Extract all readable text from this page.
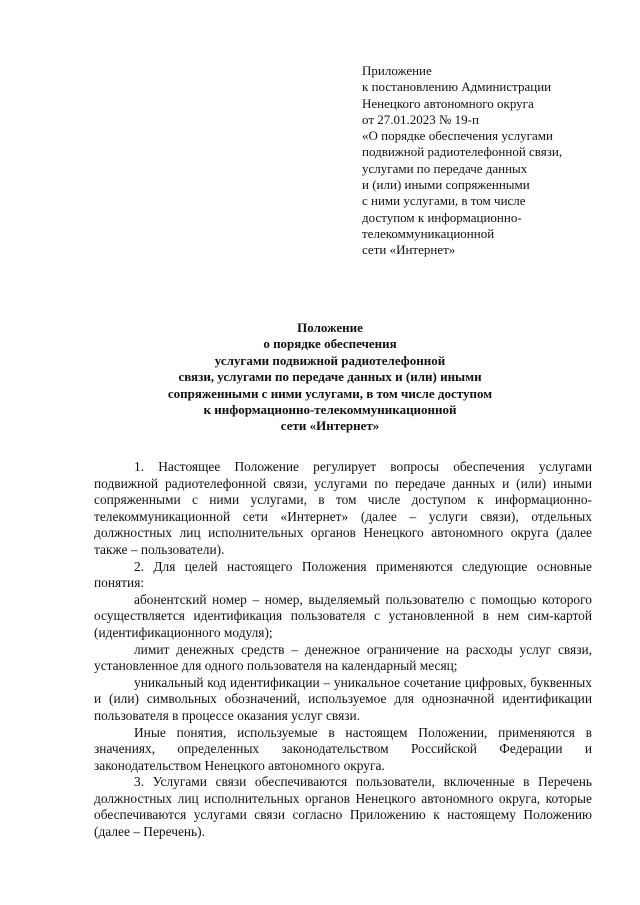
Приложение
к постановлению Администрации
Ненецкого автономного округа
от 27.01.2023 № 19-п
«О порядке обеспечения услугами
подвижной радиотелефонной связи,
услугами по передаче данных
и (или) иными сопряженными
с ними услугами, в том числе
доступом к информационно-
телекоммуникационной
сети «Интернет»
Положение
о порядке обеспечения
услугами подвижной радиотелефонной
связи, услугами по передаче данных и (или) иными
сопряженными с ними услугами, в том числе доступом
к информационно-телекоммуникационной
сети «Интернет»

1. Настоящее Положение регулирует вопросы обеспечения услугами подвижной радиотелефонной связи, услугами по передаче данных и (или) иными сопряженными с ними услугами, в том числе доступом к информационно-телекоммуникационной сети «Интернет» (далее – услуги связи), отдельных должностных лиц исполнительных органов Ненецкого автономного округа (далее также – пользователи).

2. Для целей настоящего Положения применяются следующие основные понятия:

абонентский номер – номер, выделяемый пользователю с помощью которого осуществляется идентификация пользователя с установленной в нем сим-картой (идентификационного модуля);

лимит денежных средств – денежное ограничение на расходы услуг связи, установленное для одного пользователя на календарный месяц;

уникальный код идентификации – уникальное сочетание цифровых, буквенных и (или) символьных обозначений, используемое для однозначной идентификации пользователя в процессе оказания услуг связи.

Иные понятия, используемые в настоящем Положении, применяются в значениях, определенных законодательством Российской Федерации и законодательством Ненецкого автономного округа.

3. Услугами связи обеспечиваются пользователи, включенные в Перечень должностных лиц исполнительных органов Ненецкого автономного округа, которые обеспечиваются услугами связи согласно Приложению к настоящему Положению (далее – Перечень).
